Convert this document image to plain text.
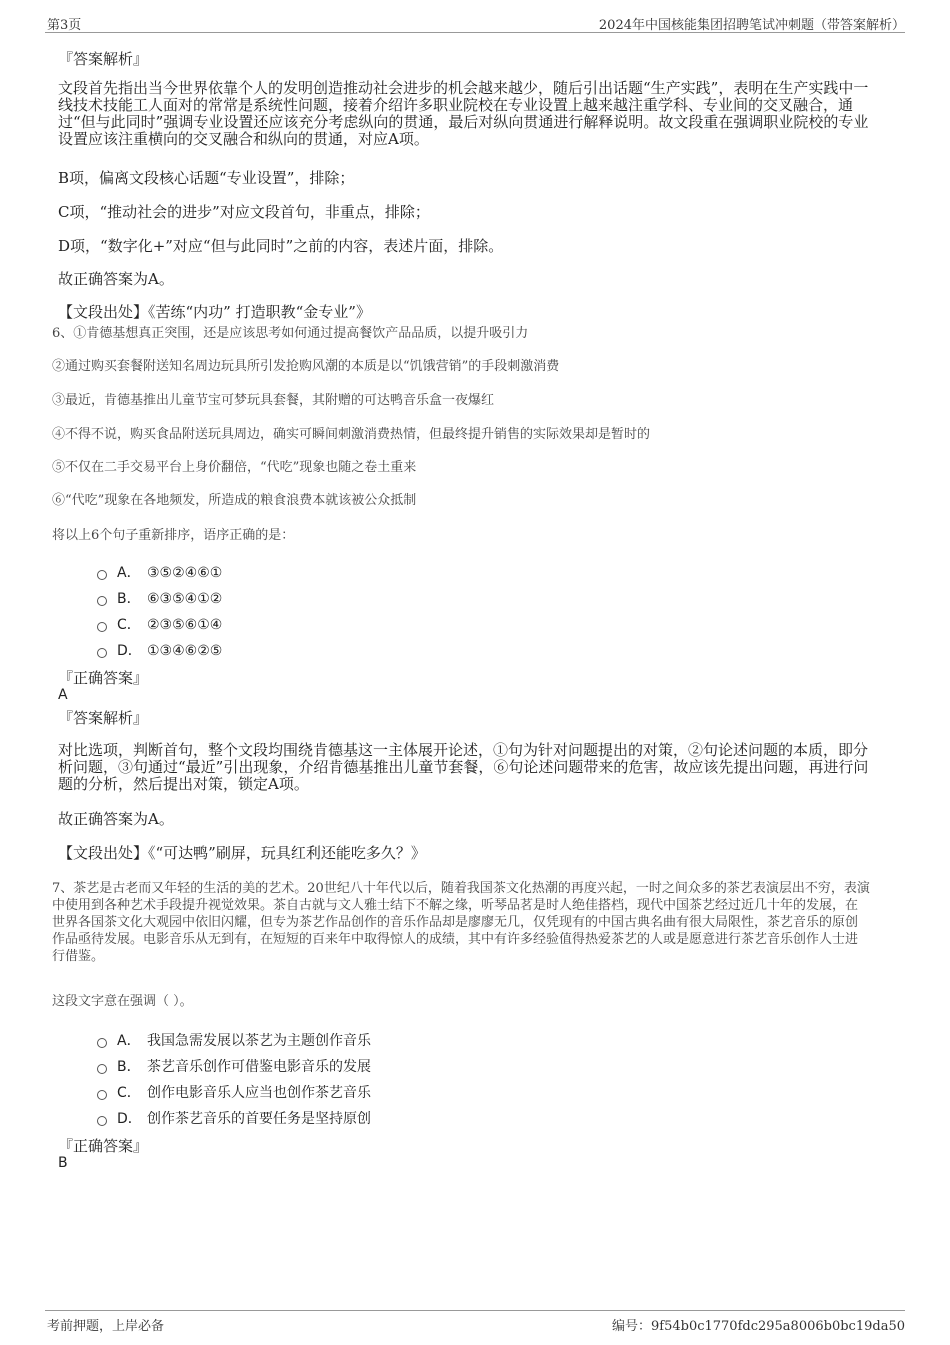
第3页	2024年中国核能集团招聘笔试冲刺题（带答案解析）
『答案解析』
文段首先指出当今世界依靠个人的发明创造推动社会进步的机会越来越少，随后引出话题“生产实践”，表明在生产实践中一
线技术技能工人面对的常常是系统性问题，接着介绍许多职业院校在专业设置上越来越注重学科、专业间的交叉融合，通
过“但与此同时”强调专业设置还应该充分考虑纵向的贯通，最后对纵向贯通进行解释说明。故文段重在强调职业院校的专业
设置应该注重横向的交叉融合和纵向的贯通，对应A项。
B项，偏离文段核心话题“专业设置”，排除；
C项，“推动社会的进步”对应文段首句，非重点，排除；
D项，“数字化+”对应“但与此同时”之前的内容，表述片面，排除。
故正确答案为A。
【文段出处】《苦练“内功” 打造职教“金专业”》
6、①肯德基想真正突围，还是应该思考如何通过提高餐饮产品品质，以提升吸引力
②通过购买套餐附送知名周边玩具所引发抢购风潮的本质是以“饥饿营销”的手段刺激消费
③最近，肯德基推出儿童节宝可梦玩具套餐，其附赠的可达鸭音乐盒一夜爆红
④不得不说，购买食品附送玩具周边，确实可瞬间刺激消费热情，但最终提升销售的实际效果却是暂时的
⑤不仅在二手交易平台上身价翻倍，“代吃”现象也随之卷土重来
⑥“代吃”现象在各地频发，所造成的粮食浪费本就该被公众抵制
将以上6个句子重新排序，语序正确的是：
A． ③⑤②④⑥①
B． ⑥③⑤④①②
C． ②③⑤⑥①④
D． ①③④⑥②⑤
『正确答案』
A
『答案解析』
对比选项，判断首句，整个文段均围绕肯德基这一主体展开论述，①句为针对问题提出的对策，②句论述问题的本质，即分
析问题，③句通过“最近”引出现象，介绍肯德基推出儿童节套餐，⑥句论述问题带来的危害，故应该先提出问题，再进行问
题的分析，然后提出对策，锁定A项。
故正确答案为A。
【文段出处】《“可达鸭”刷屏，玩具红利还能吃多久？》
7、茶艺是古老而又年轻的生活的美的艺术。20世纪八十年代以后，随着我国茶文化热潮的再度兴起，一时之间众多的茶艺表演层出不穷，表演
中使用到各种艺术手段提升视觉效果。茶自古就与文人雅士结下不解之缘，听琴品茗是时人绝佳搭档，现代中国茶艺经过近几十年的发展，在
世界各国茶文化大观园中依旧闪耀，但专为茶艺作品创作的音乐作品却是廖廖无几，仅凭现有的中国古典名曲有很大局限性，茶艺音乐的原创
作品亟待发展。电影音乐从无到有，在短短的百来年中取得惊人的成绩，其中有许多经验值得热爱茶艺的人或是愿意进行茶艺音乐创作人士进
行借鉴。
这段文字意在强调（ ）。
A． 我国急需发展以茶艺为主题创作音乐
B． 茶艺音乐创作可借鉴电影音乐的发展
C． 创作电影音乐人应当也创作茶艺音乐
D． 创作茶艺音乐的首要任务是坚持原创
『正确答案』
B
考前押题，上岸必备	编号：9f54b0c1770fdc295a8006b0bc19da50
